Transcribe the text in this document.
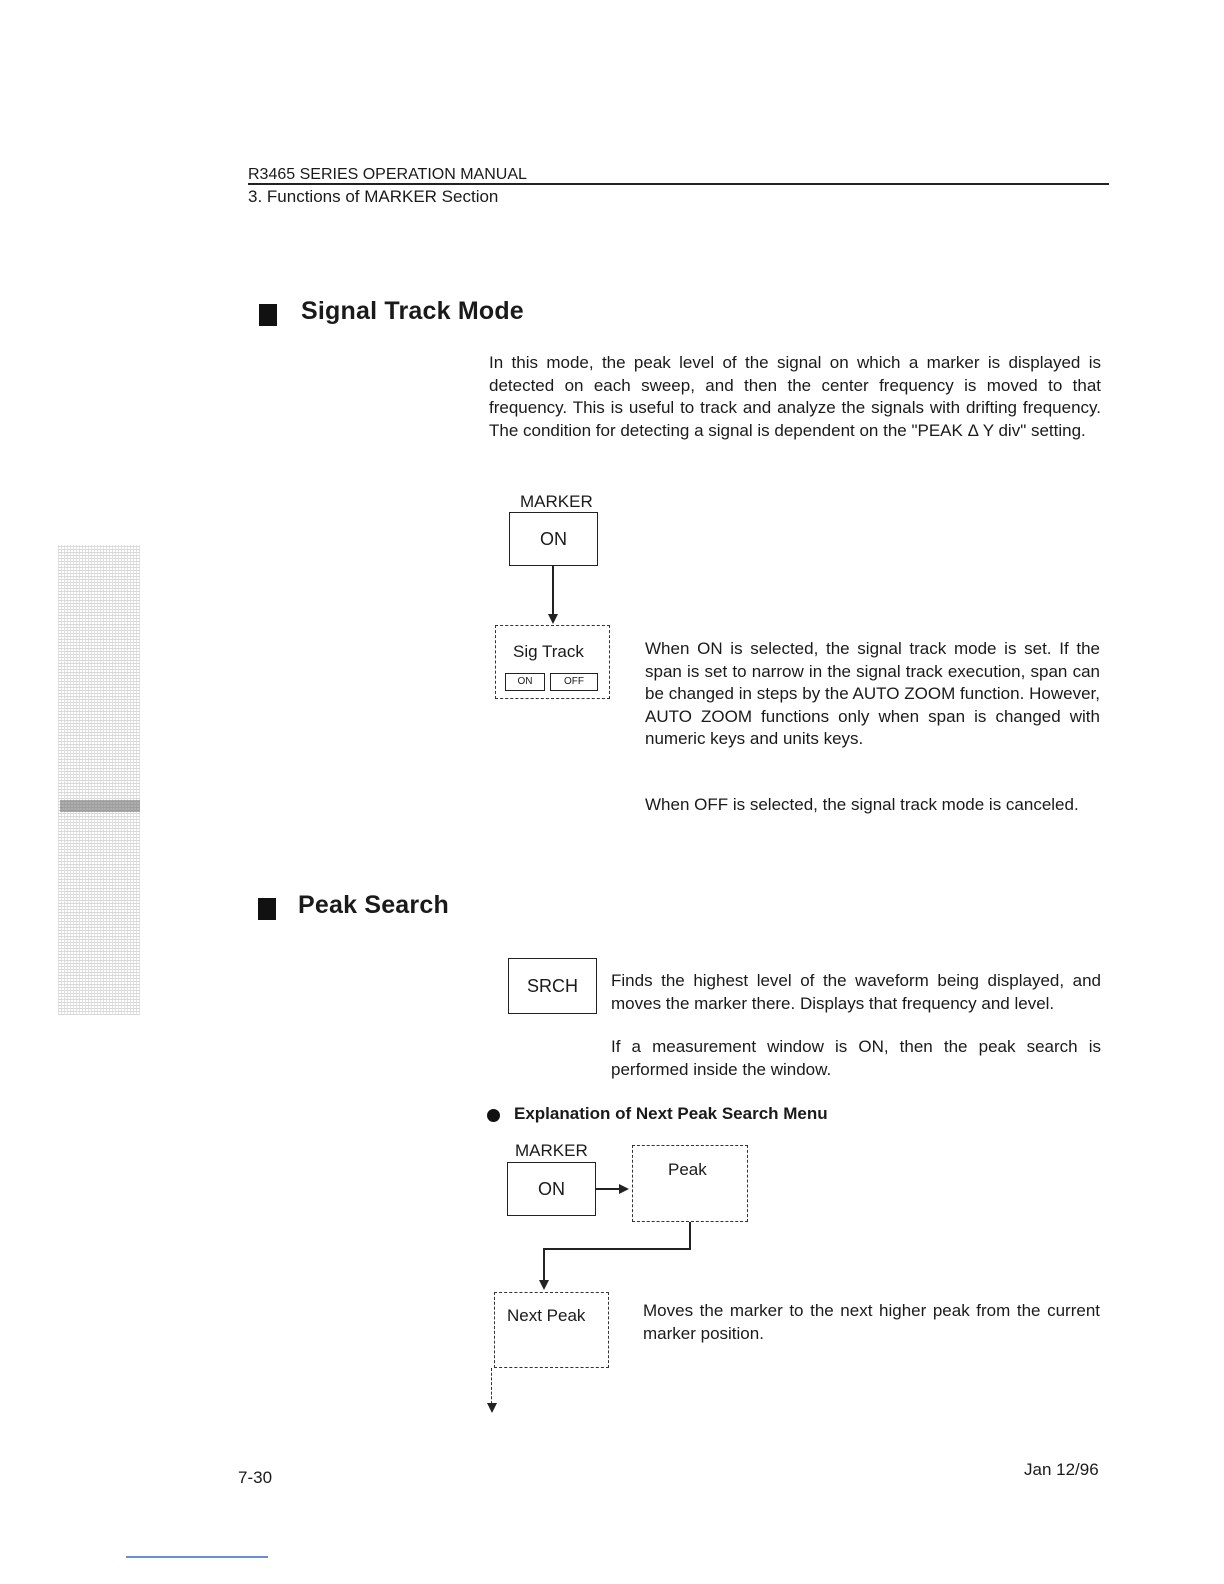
R3465 SERIES OPERATION MANUAL
3. Functions of MARKER Section
Signal Track Mode
In this mode, the peak level of the signal on which a marker is displayed is detected on each sweep, and then the center frequency is moved to that frequency. This is useful to track and analyze the signals with drifting frequency. The condition for detecting a signal is dependent on the "PEAK Δ Y div" setting.
MARKER
ON
Sig Track
ON	OFF
When ON is selected, the signal track mode is set. If the span is set to narrow in the signal track execution, span can be changed in steps by the AUTO ZOOM function. However, AUTO ZOOM functions only when span is changed with numeric keys and units keys.
When OFF is selected, the signal track mode is canceled.
Peak Search
SRCH	Finds the highest level of the waveform being displayed, and moves the marker there. Displays that frequency and level.
If a measurement window is ON, then the peak search is performed inside the window.
Explanation of Next Peak Search Menu
MARKER
ON
Peak
Next Peak	Moves the marker to the next higher peak from the current marker position.
7-30	Jan 12/96
